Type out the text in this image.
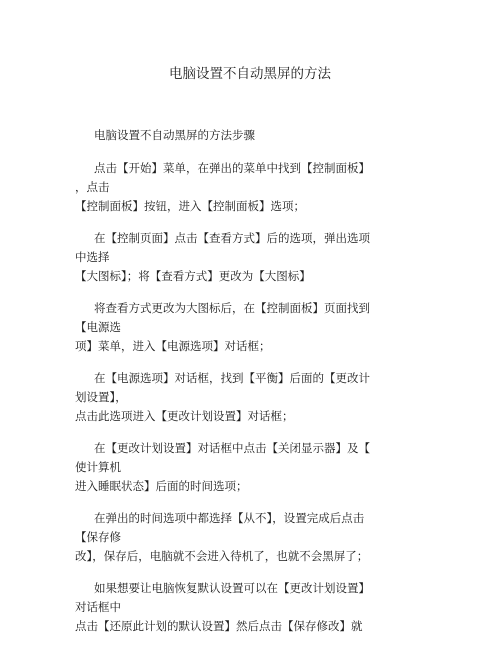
电脑设置不自动黑屏的方法
电脑设置不自动黑屏的方法步骤
点击【开始】菜单，在弹出的菜单中找到【控制面板】
，点击
【控制面板】按钮，进入【控制面板】选项；
在【控制页面】点击【查看方式】后的选项，弹出选项
中选择
【大图标】；将【查看方式】更改为【大图标】
将查看方式更改为大图标后，在【控制面板】页面找到
【电源选
项】菜单，进入【电源选项】对话框；
在【电源选项】对话框，找到【平衡】后面的【更改计
划设置】，
点击此选项进入【更改计划设置】对话框；
在【更改计划设置】对话框中点击【关闭显示器】及【
使计算机
进入睡眠状态】后面的时间选项；
在弹出的时间选项中都选择【从不】，设置完成后点击
【保存修
改】，保存后，电脑就不会进入待机了，也就不会黑屏了；
如果想要让电脑恢复默认设置可以在【更改计划设置】
对话框中
点击【还原此计划的默认设置】然后点击【保存修改】就
